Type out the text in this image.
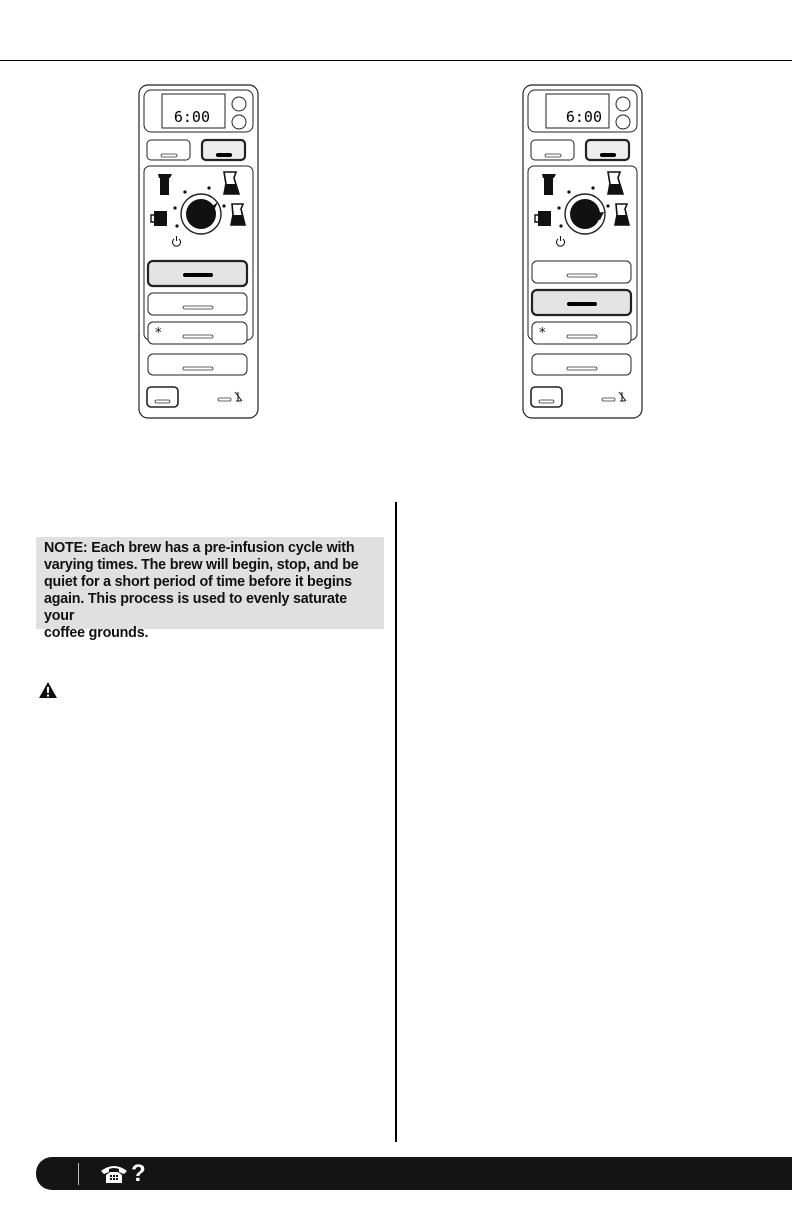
6:00
*
6:00
*
NOTE: Each brew has a pre-infusion cycle with
varying times. The brew will begin, stop, and be
quiet for a short period of time before it begins
again. This process is used to evenly saturate your
coffee grounds.
?
